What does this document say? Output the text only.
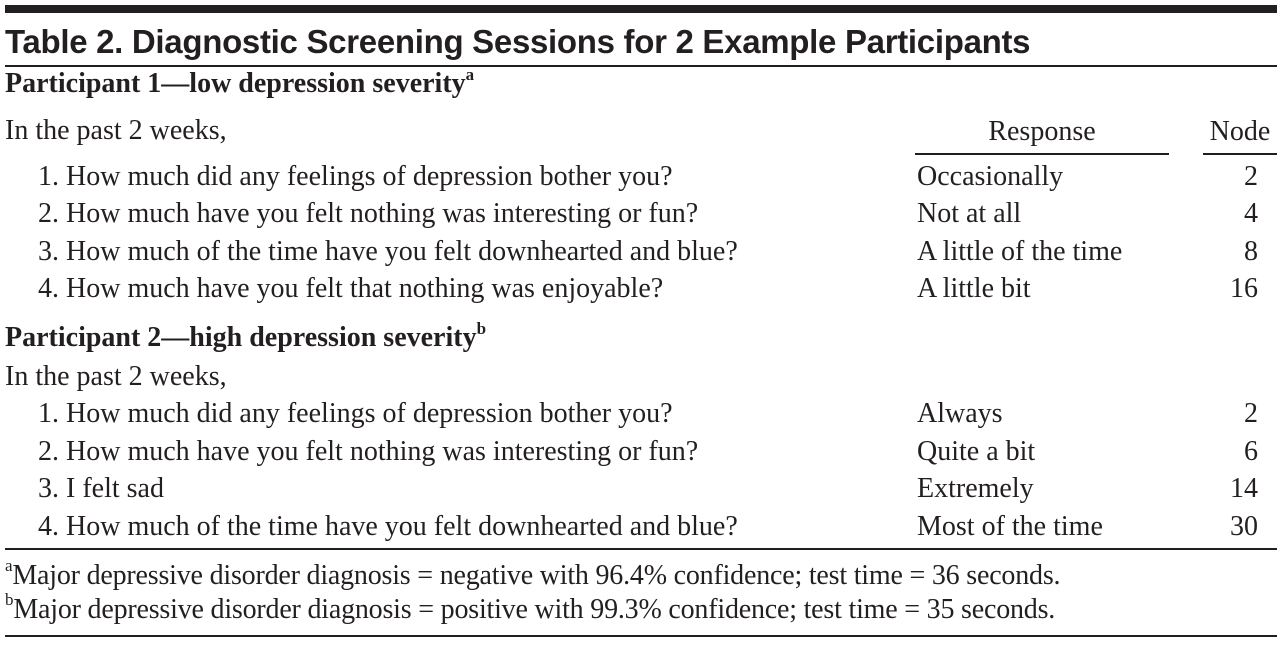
Table 2. Diagnostic Screening Sessions for 2 Example Participants
Participant 1—low depression severity$^a$
In the past 2 weeks,	Response	Node
1. How much did any feelings of depression bother you?	Occasionally	2
2. How much have you felt nothing was interesting or fun?	Not at all	4
3. How much of the time have you felt downhearted and blue?	A little of the time	8
4. How much have you felt that nothing was enjoyable?	A little bit	16
Participant 2—high depression severity$^b$
In the past 2 weeks,
1. How much did any feelings of depression bother you?	Always	2
2. How much have you felt nothing was interesting or fun?	Quite a bit	6
3. I felt sad	Extremely	14
4. How much of the time have you felt downhearted and blue?	Most of the time	30
$^a$Major depressive disorder diagnosis = negative with 96.4% confidence; test time = 36 seconds.
$^b$Major depressive disorder diagnosis = positive with 99.3% confidence; test time = 35 seconds.
